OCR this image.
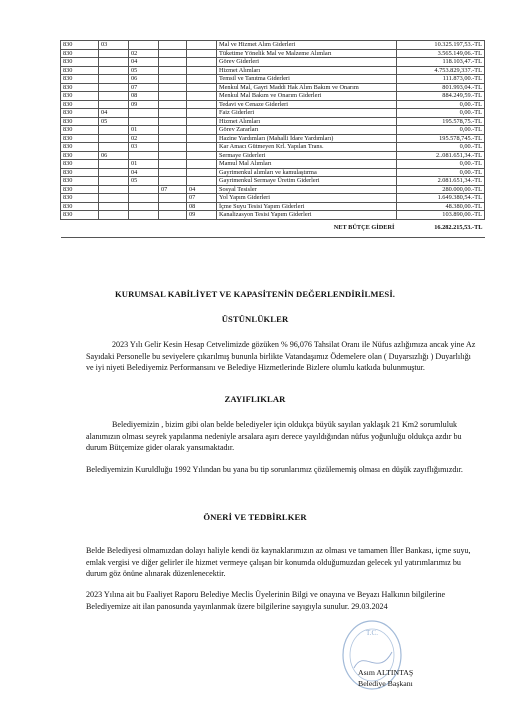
830	03				Mal ve Hizmet Alım Giderleri	10.325.197,53.-TL
830		02			Tüketime Yönelik Mal ve Malzeme Alımları	3.565.149,06.-TL
830		04			Görev Giderleri	118.103,47.-TL
830		05			Hizmet Alımları	4.753.829,337.-TL
830		06			Temsil ve Tanıtma Giderleri	111.873,00.-TL
830		07			Menkul Mal, Gayri Maddi Hak Alım Bakım ve Onarım	801.993,04.-TL
830		08			Menkul Mal Bakım ve Onarım Giderleri	884.249,59.-TL
830		09			Tedavi ve Cenaze Giderleri	0,00.-TL
830	04				Faiz Giderleri	0,00.-TL
830	05				Hizmet Alımları	195.578,75.-TL
830		01			Görev Zararları	0,00.-TL
830		02			Hazine Yardımları (Mahalli İdare Yardımları)	195.578,745.-TL
830		03			Kar Amacı Gütmeyen Krl. Yapılan Trans.	0,00.-TL
830	06				Sermaye Giderleri	2..081.651,34.-TL
830		01			Mamul Mal Alımları	0,00.-TL
830		04			Gayrimenkul alımları ve kamulaştırma	0,00.-TL
830		05			Gayrimenkul Sermaye Üretim Giderleri	2.081.651,34.-TL
830			07	04	Sosyal Tesisler	280.000,00.-TL
830				07	Yol Yapım Giderleri	1.649.380,54.-TL
830				08	İçme Suyu Tesisi Yapım Giderleri	48.380,00.-TL
830				09	Kanalizasyon Tesisi Yapım Giderleri	103.890,00.-TL
					NET BÜTÇE GİDERİ	16.282.215,53.-TL
KURUMSAL KABİLİYET VE KAPASİTENİN DEĞERLENDİRİLMESİ.
ÜSTÜNLÜKLER
2023 Yılı Gelir Kesin Hesap Cetvelimizde gözüken % 96,076 Tahsilat Oranı ile Nüfus azlığımıza ancak yine Az Sayıdaki Personelle bu seviyelere çıkarılmış bununla birlikte Vatandaşımız Ödemelere olan ( Duyarsızlığı ) Duyarlılığı ve iyi niyeti Belediyemiz Performansını ve Belediye Hizmetlerinde Bizlere olumlu katkıda bulunmuştur.
ZAYIFLIKLAR
Belediyemizin , bizim gibi olan belde belediyeler için oldukça büyük sayılan yaklaşık 21 Km2 sorumluluk alanımızın olması seyrek yapılanma nedeniyle arsalara aşırı derece yayıldığından nüfus yoğunluğu oldukça azdır bu durum Bütçemize gider olarak yansımaktadır.
Belediyemizin Kuruldluğu 1992 Yılından bu yana bu tip sorunlarımız çözülememiş olması en düşük zayıflığımızdır.
ÖNERİ VE TEDBİRLKER
Belde Belediyesi olmamızdan dolayı haliyle kendi öz kaynaklarımızın az olması ve tamamen İller Bankası, içme suyu, emlak vergisi ve diğer gelirler ile hizmet vermeye çalışan bir konumda olduğumuzdan gelecek yıl yatırımlarımız bu durum göz önüne alınarak düzenlenecektir.
2023 Yılına ait bu Faaliyet Raporu Belediye Meclis Üyelerinin Bilgi ve onayına ve Beyazı Halkının bilgilerine Belediyemize ait ilan panosunda yayınlanmak üzere bilgilerine sayıgıyla sunulur. 29.03.2024
T.C.
Asım ALTINTAŞ
Belediye Başkanı
